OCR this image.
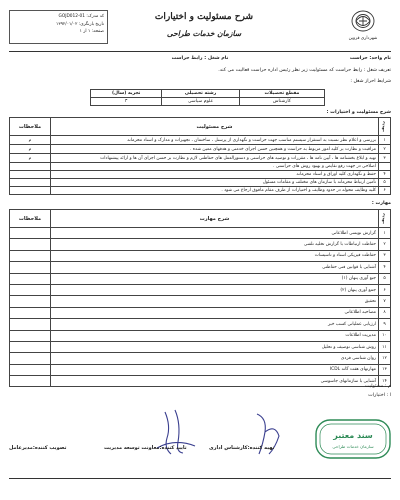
کد مدرک: GOJD012-01
تاریخ بازنگری: ۱۳۹۲/۰۱/۰۲
صفحه: ۱ از ۱
شرح مسئولیت و اختیارات
سازمان خدمات طراحی
شهرداری قزوین
نام واحد: حراست
نام شغل : رابط حراست
تعریف شغل : رابط حراست که مسئولیت زیر نظر رئیس اداره حراست فعالیت می کند.
شرایط احراز شغل :
مقطع تحصیلات	رشته تحصیلی	تجربه (سال)
کارشناس	علوم سیاسی	۳
شرح مسئولیت و اختیارات :
ردیف	شرح مسئولیت	ملاحظات
۱	بررسی و اعلام نظر نسبت به استقرار سیستم مناسب جهت حراست و نگهداری از پرسنل ، ساختمان ، تجهیزات و مدارک و اسناد محرمانه	م
۲	مراقبت و نظارت بر کلیه امور مربوط به حراست و همچنین حسن اجرای خدمتی و هدفهای معین شده .	م
۳	تهیه و ابلاغ بخشنامه ها ، آیین نامه ها ، مقررات و توصیه های حراستی و دستورالعمل های حفاظتی لازم و نظارت بر حسن اجرای آن ها و ارائه پیشنهادات	م
	اصلاحی در جهت رفع نقایص و بهبود روش های حراستی .	
۴	حفظ و نگهداری کلیه اوراق و اسناد محرمانه	
۵	تأمین ارتباط محرمانه با سازمان های مختلف و مقامات مسئول	
۶	کلیه وظایف محوله در حدود وظایف و اختیارات از طرف مقام مافوق ارجاع می شود .	
مهارت :
ردیف	شرح مهارت	ملاحظات
۱	گزارش نویسی اطلاعاتی	
۲	حفاظت ارتباطات با گزارش تخلیه تلفنی	
۳	حفاظت فیزیکی اسناد و تاسیسات	
۴	آشنایی با قوانین فنی حفاظتی	
۵	جنع آوری پنهان (۱)	
۶	جمع آوری پنهان (۲)	
۷	تحقیق	
۸	مصاحبه اطلاعاتی	
۹	ارزیابی عملیاتی کسب خبر	
۱۰	مدیریت اطلاعات	
۱۱	روش شناسی توصیف و تحلیل	
۱۲	روان شناسی فردی	
۱۳	مهارتهای هفت گانه ICDL	
۱۴	آشنایی با سازمانهای جاسوسی	
م : مسئولیت
ا : اختیارات
سند معتبر
سازمان خدمات طراحی
تصویب کننده:مدیرعامل	تایید کننده:معاونت توسعه مدیریت	تهیه کننده:کارشناس اداری
